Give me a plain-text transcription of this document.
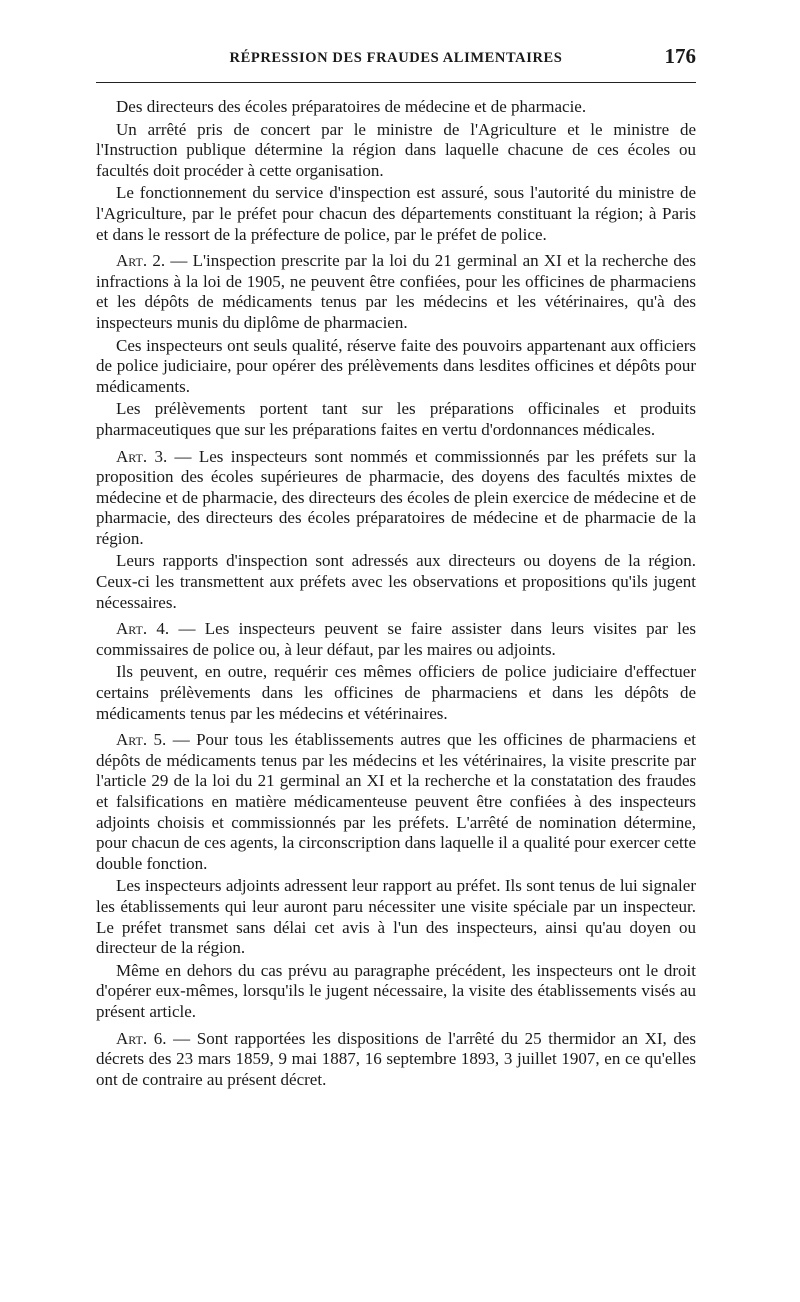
RÉPRESSION DES FRAUDES ALIMENTAIRES	176

Des directeurs des écoles préparatoires de médecine et de pharmacie.

Un arrêté pris de concert par le ministre de l'Agriculture et le ministre de l'Instruction publique détermine la région dans laquelle chacune de ces écoles ou facultés doit procéder à cette organisation.

Le fonctionnement du service d'inspection est assuré, sous l'autorité du ministre de l'Agriculture, par le préfet pour chacun des départements constituant la région; à Paris et dans le ressort de la préfecture de police, par le préfet de police.

Art. 2. — L'inspection prescrite par la loi du 21 germinal an XI et la recherche des infractions à la loi de 1905, ne peuvent être confiées, pour les officines de pharmaciens et les dépôts de médicaments tenus par les médecins et les vétérinaires, qu'à des inspecteurs munis du diplôme de pharmacien.

Ces inspecteurs ont seuls qualité, réserve faite des pouvoirs appartenant aux officiers de police judiciaire, pour opérer des prélèvements dans lesdites officines et dépôts pour médicaments.

Les prélèvements portent tant sur les préparations officinales et produits pharmaceutiques que sur les préparations faites en vertu d'ordonnances médicales.

Art. 3. — Les inspecteurs sont nommés et commissionnés par les préfets sur la proposition des écoles supérieures de pharmacie, des doyens des facultés mixtes de médecine et de pharmacie, des directeurs des écoles de plein exercice de médecine et de pharmacie, des directeurs des écoles préparatoires de médecine et de pharmacie de la région.

Leurs rapports d'inspection sont adressés aux directeurs ou doyens de la région. Ceux-ci les transmettent aux préfets avec les observations et propositions qu'ils jugent nécessaires.

Art. 4. — Les inspecteurs peuvent se faire assister dans leurs visites par les commissaires de police ou, à leur défaut, par les maires ou adjoints.

Ils peuvent, en outre, requérir ces mêmes officiers de police judiciaire d'effectuer certains prélèvements dans les officines de pharmaciens et dans les dépôts de médicaments tenus par les médecins et vétérinaires.

Art. 5. — Pour tous les établissements autres que les officines de pharmaciens et dépôts de médicaments tenus par les médecins et les vétérinaires, la visite prescrite par l'article 29 de la loi du 21 germinal an XI et la recherche et la constatation des fraudes et falsifications en matière médicamenteuse peuvent être confiées à des inspecteurs adjoints choisis et commissionnés par les préfets. L'arrêté de nomination détermine, pour chacun de ces agents, la circonscription dans laquelle il a qualité pour exercer cette double fonction.

Les inspecteurs adjoints adressent leur rapport au préfet. Ils sont tenus de lui signaler les établissements qui leur auront paru nécessiter une visite spéciale par un inspecteur. Le préfet transmet sans délai cet avis à l'un des inspecteurs, ainsi qu'au doyen ou directeur de la région.

Même en dehors du cas prévu au paragraphe précédent, les inspecteurs ont le droit d'opérer eux-mêmes, lorsqu'ils le jugent nécessaire, la visite des établissements visés au présent article.

Art. 6. — Sont rapportées les dispositions de l'arrêté du 25 thermidor an XI, des décrets des 23 mars 1859, 9 mai 1887, 16 septembre 1893, 3 juillet 1907, en ce qu'elles ont de contraire au présent décret.
